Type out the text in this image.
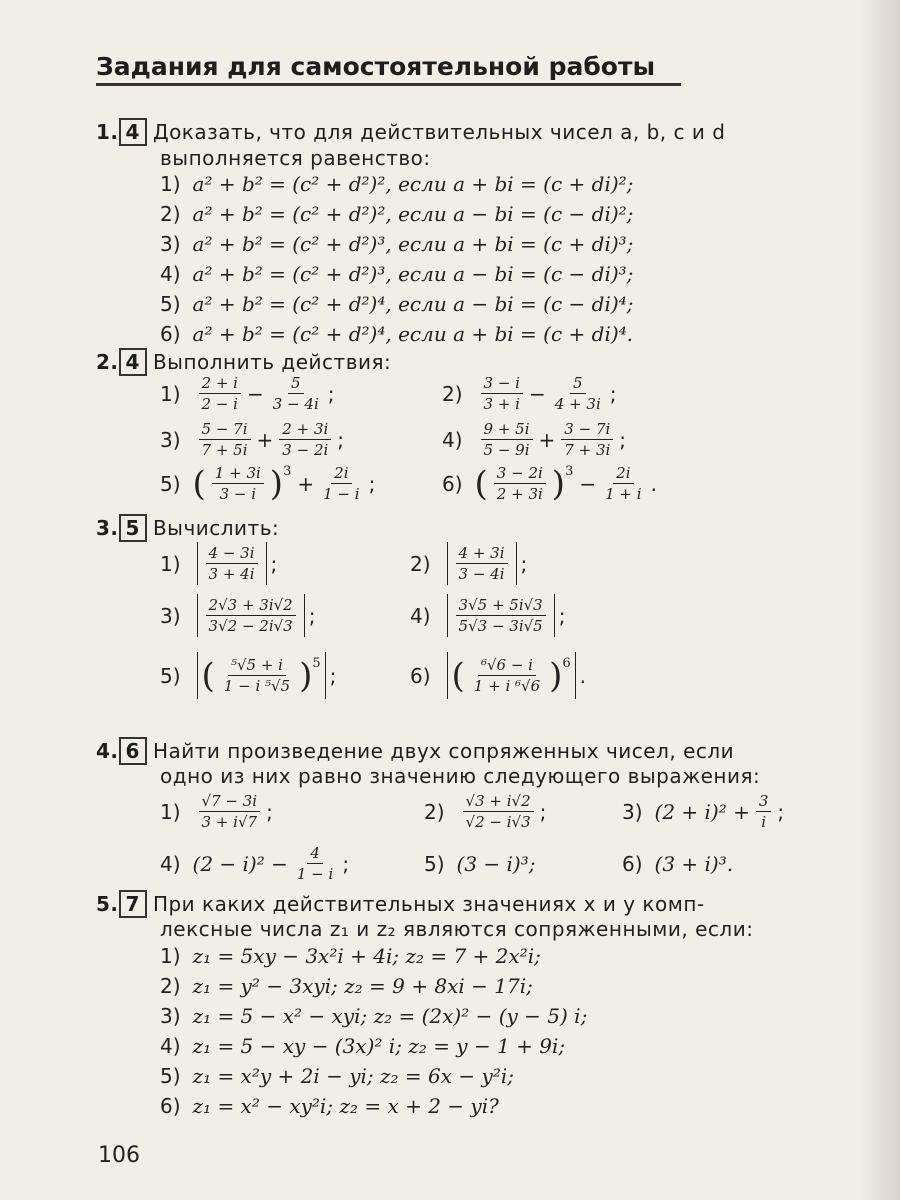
Задания для самостоятельной работы
1. 4 Доказать, что для действительных чисел a, b, c и d
выполняется равенство:
1) a² + b² = (c² + d²)², если a + bi = (c + di)²;
2) a² + b² = (c² + d²)², если a − bi = (c − di)²;
3) a² + b² = (c² + d²)³, если a + bi = (c + di)³;
4) a² + b² = (c² + d²)³, если a − bi = (c − di)³;
5) a² + b² = (c² + d²)⁴, если a − bi = (c − di)⁴;
6) a² + b² = (c² + d²)⁴, если a + bi = (c + di)⁴.
2. 4 Выполнить действия:
$1) \frac{2 + i}{2 - i} - \frac{5}{3 - 4i}$ ;	$2) \frac{3 - i}{3 + i} - \frac{5}{4 + 3i}$ ;
$3) \frac{5 - 7i}{7 + 5i} + \frac{2 + 3i}{3 - 2i}$ ;	$4) \frac{9 + 5i}{5 - 9i} + \frac{3 - 7i}{7 + 3i}$ ;
5) ( $\frac{1 + 3i}{3 - i}$ ) $3 + \frac{2i}{1 - i}$ ;	6) ( $\frac{3 - 2i}{2 + 3i}$ ) $3 - \frac{2i}{1 + i}$ .
3. 5 Вычислить:
$1) \frac{4 - 3i}{3 + 4i}$ ;	$2) \frac{4 + 3i}{3 - 4i}$ ;
$3) \frac{2√3 + 3i√2}{3√2 - 2i√3}$ ;	$4) \frac{3√5 + 5i√3}{5√3 - 3i√5}$ ;
5) ( $\frac{\text{⁵√5 + i}}{\text{1 − i ⁵√5}}$ ) 5 ;	6) ( $\frac{\text{⁶√6 − i}}{\text{1 + i ⁶√6}}$ ) 6 .
4. 6 Найти произведение двух сопряженных чисел, если
одно из них равно значению следующего выражения:
$1) \frac{√7 - 3i}{3 + i√7}$ ;	$2) \frac{√3 + i√2}{√2 - i√3}$ ;	3) $(2 + i)^2 + \frac{3}{i}$ ;
4) $(2 - i)^2 - \frac{4}{1 - i}$ ;	5) (3 − i)³;	6) (3 + i)³.
5. 7 При каких действительных значениях x и y комп-
лексные числа z₁ и z₂ являются сопряженными, если:
1) z₁ = 5xy − 3x²i + 4i; z₂ = 7 + 2x²i;
2) z₁ = y² − 3xyi; z₂ = 9 + 8xi − 17i;
3) z₁ = 5 − x² − xyi; z₂ = (2x)² − (y − 5) i;
4) z₁ = 5 − xy − (3x)² i; z₂ = y − 1 + 9i;
5) z₁ = x²y + 2i − yi; z₂ = 6x − y²i;
6) z₁ = x² − xy²i; z₂ = x + 2 − yi?
106
